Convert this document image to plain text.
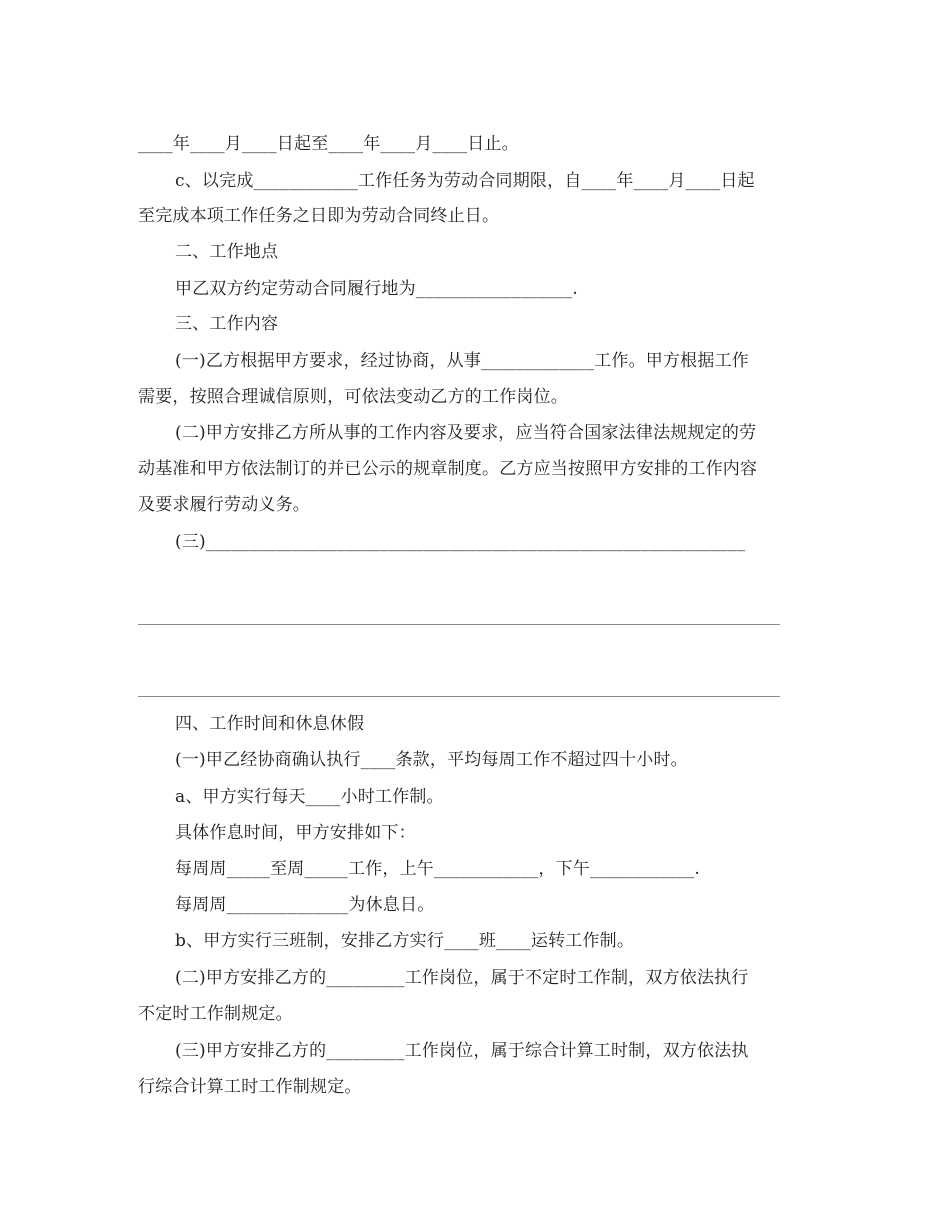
____年____月____日起至____年____月____日止。
c、以完成____________工作任务为劳动合同期限，自____年____月____日起
至完成本项工作任务之日即为劳动合同终止日。
二、工作地点
甲乙双方约定劳动合同履行地为__________________.
三、工作内容
(一)乙方根据甲方要求，经过协商，从事_____________工作。甲方根据工作
需要，按照合理诚信原则，可依法变动乙方的工作岗位。
(二)甲方安排乙方所从事的工作内容及要求，应当符合国家法律法规规定的劳
动基准和甲方依法制订的并已公示的规章制度。乙方应当按照甲方安排的工作内容
及要求履行劳动义务。
(三)______________________________________________________________
四、工作时间和休息休假
(一)甲乙经协商确认执行____条款，平均每周工作不超过四十小时。
a、甲方实行每天____小时工作制。
具体作息时间，甲方安排如下：
每周周_____至周_____工作，上午____________，下午____________.
每周周______________为休息日。
b、甲方实行三班制，安排乙方实行____班____运转工作制。
(二)甲方安排乙方的_________工作岗位，属于不定时工作制，双方依法执行
不定时工作制规定。
(三)甲方安排乙方的_________工作岗位，属于综合计算工时制，双方依法执
行综合计算工时工作制规定。
